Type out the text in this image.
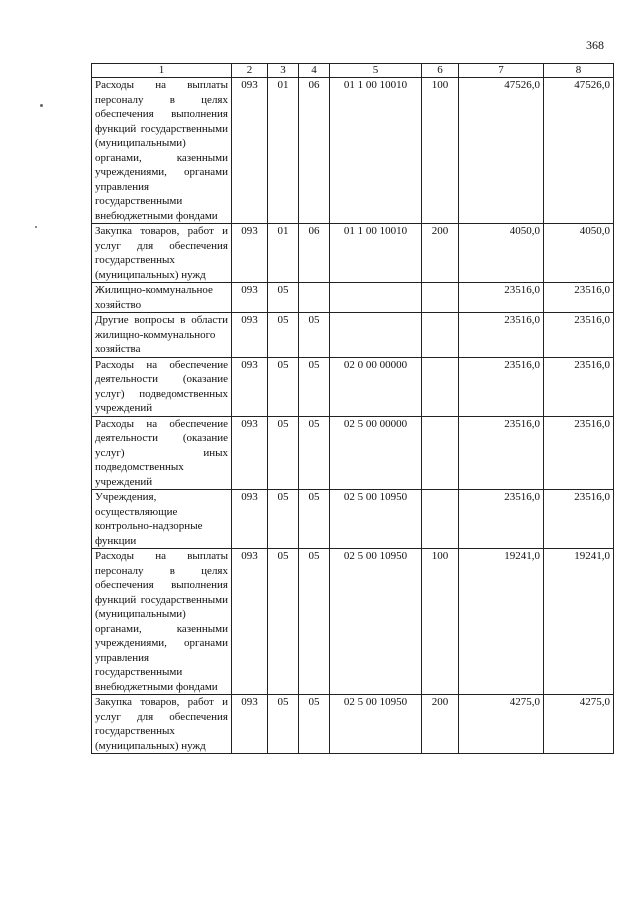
368
1	2	3	4	5	6	7	8
Расходы на выплаты персоналу в целях обеспечения выполнения функций государственными (муниципальными) органами, казенными учреждениями, органами управления государственными внебюджетными фондами	093	01	06	01 1 00 10010	100	47526,0	47526,0
Закупка товаров, работ и услуг для обеспечения государственных (муниципальных) нужд	093	01	06	01 1 00 10010	200	4050,0	4050,0
Жилищно-коммунальное хозяйство	093	05				23516,0	23516,0
Другие вопросы в области жилищно-коммунального хозяйства	093	05	05			23516,0	23516,0
Расходы на обеспечение деятельности (оказание услуг) подведомственных учреждений	093	05	05	02 0 00 00000		23516,0	23516,0
Расходы на обеспечение деятельности (оказание услуг) иных подведомственных учреждений	093	05	05	02 5 00 00000		23516,0	23516,0
Учреждения, осуществляющие контрольно-надзорные функции	093	05	05	02 5 00 10950		23516,0	23516,0
Расходы на выплаты персоналу в целях обеспечения выполнения функций государственными (муниципальными) органами, казенными учреждениями, органами управления государственными внебюджетными фондами	093	05	05	02 5 00 10950	100	19241,0	19241,0
Закупка товаров, работ и услуг для обеспечения государственных (муниципальных) нужд	093	05	05	02 5 00 10950	200	4275,0	4275,0
